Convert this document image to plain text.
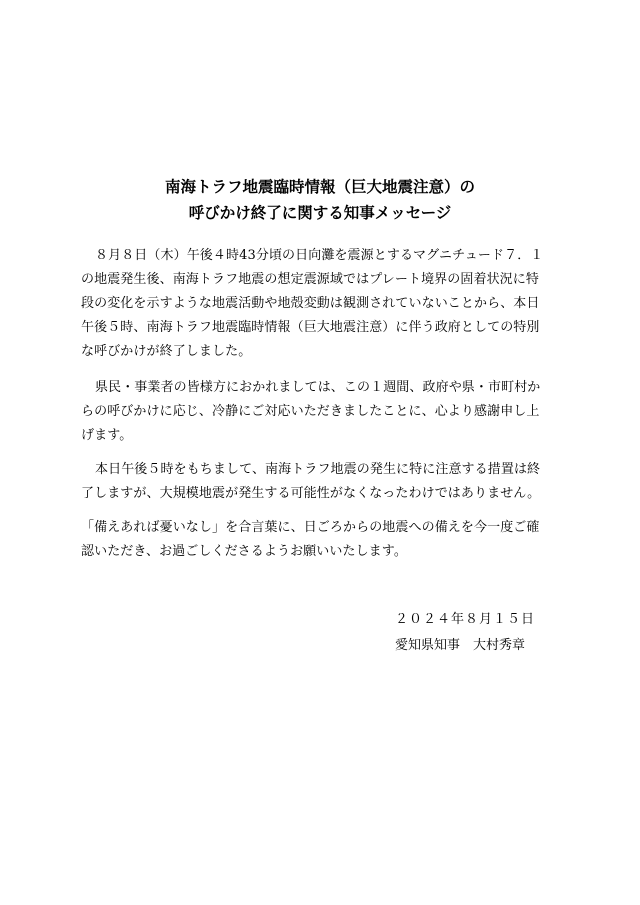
南海トラフ地震臨時情報（巨大地震注意）の
呼びかけ終了に関する知事メッセージ
８月８日（木）午後４時43分頃の日向灘を震源とするマグニチュード７．１
の地震発生後、南海トラフ地震の想定震源域ではプレート境界の固着状況に特
段の変化を示すような地震活動や地殻変動は観測されていないことから、本日
午後５時、南海トラフ地震臨時情報（巨大地震注意）に伴う政府としての特別
な呼びかけが終了しました。
県民・事業者の皆様方におかれましては、この１週間、政府や県・市町村か
らの呼びかけに応じ、冷静にご対応いただきましたことに、心より感謝申し上
げます。
本日午後５時をもちまして、南海トラフ地震の発生に特に注意する措置は終
了しますが、大規模地震が発生する可能性がなくなったわけではありません。
「備えあれば憂いなし」を合言葉に、日ごろからの地震への備えを今一度ご確
認いただき、お過ごしくださるようお願いいたします。
２０２４年８月１５日
愛知県知事　大村秀章
